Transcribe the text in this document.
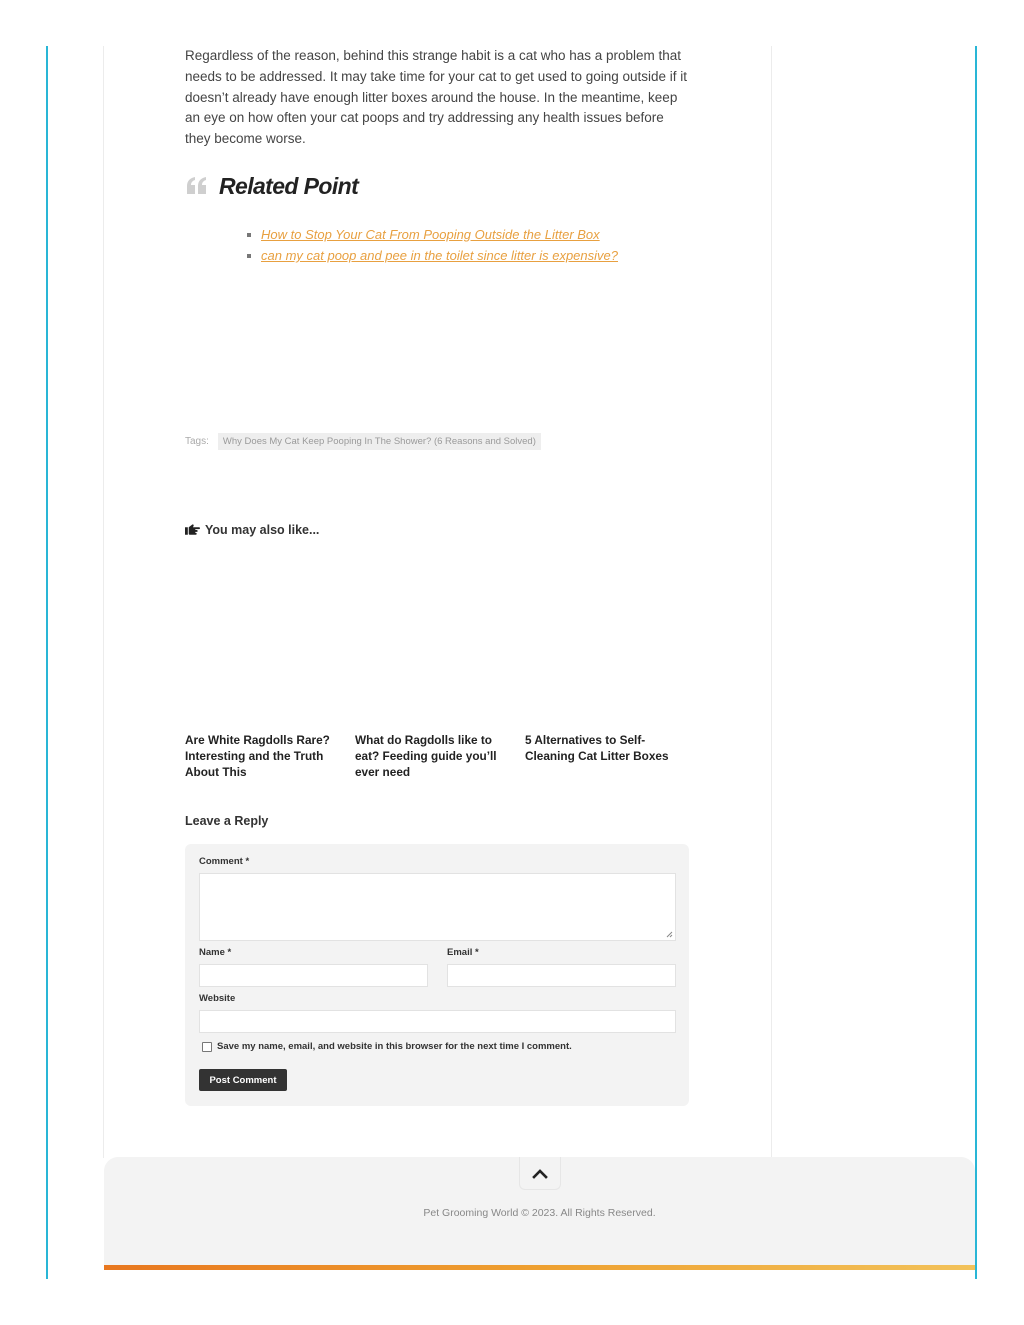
Regardless of the reason, behind this strange habit is a cat who has a problem that needs to be addressed. It may take time for your cat to get used to going outside if it doesn’t already have enough litter boxes around the house. In the meantime, keep an eye on how often your cat poops and try addressing any health issues before they become worse.

Related Point
How to Stop Your Cat From Pooping Outside the Litter Box
can my cat poop and pee in the toilet since litter is expensive?
Tags:	Why Does My Cat Keep Pooping In The Shower? (6 Reasons and Solved)
You may also like...
Are White Ragdolls Rare? Interesting and the Truth About This
What do Ragdolls like to eat? Feeding guide you’ll ever need
5 Alternatives to Self-Cleaning Cat Litter Boxes
Leave a Reply
Comment *
Name *	Email *
Website
Save my name, email, and website in this browser for the next time I comment.
Post Comment
Pet Grooming World © 2023. All Rights Reserved.
